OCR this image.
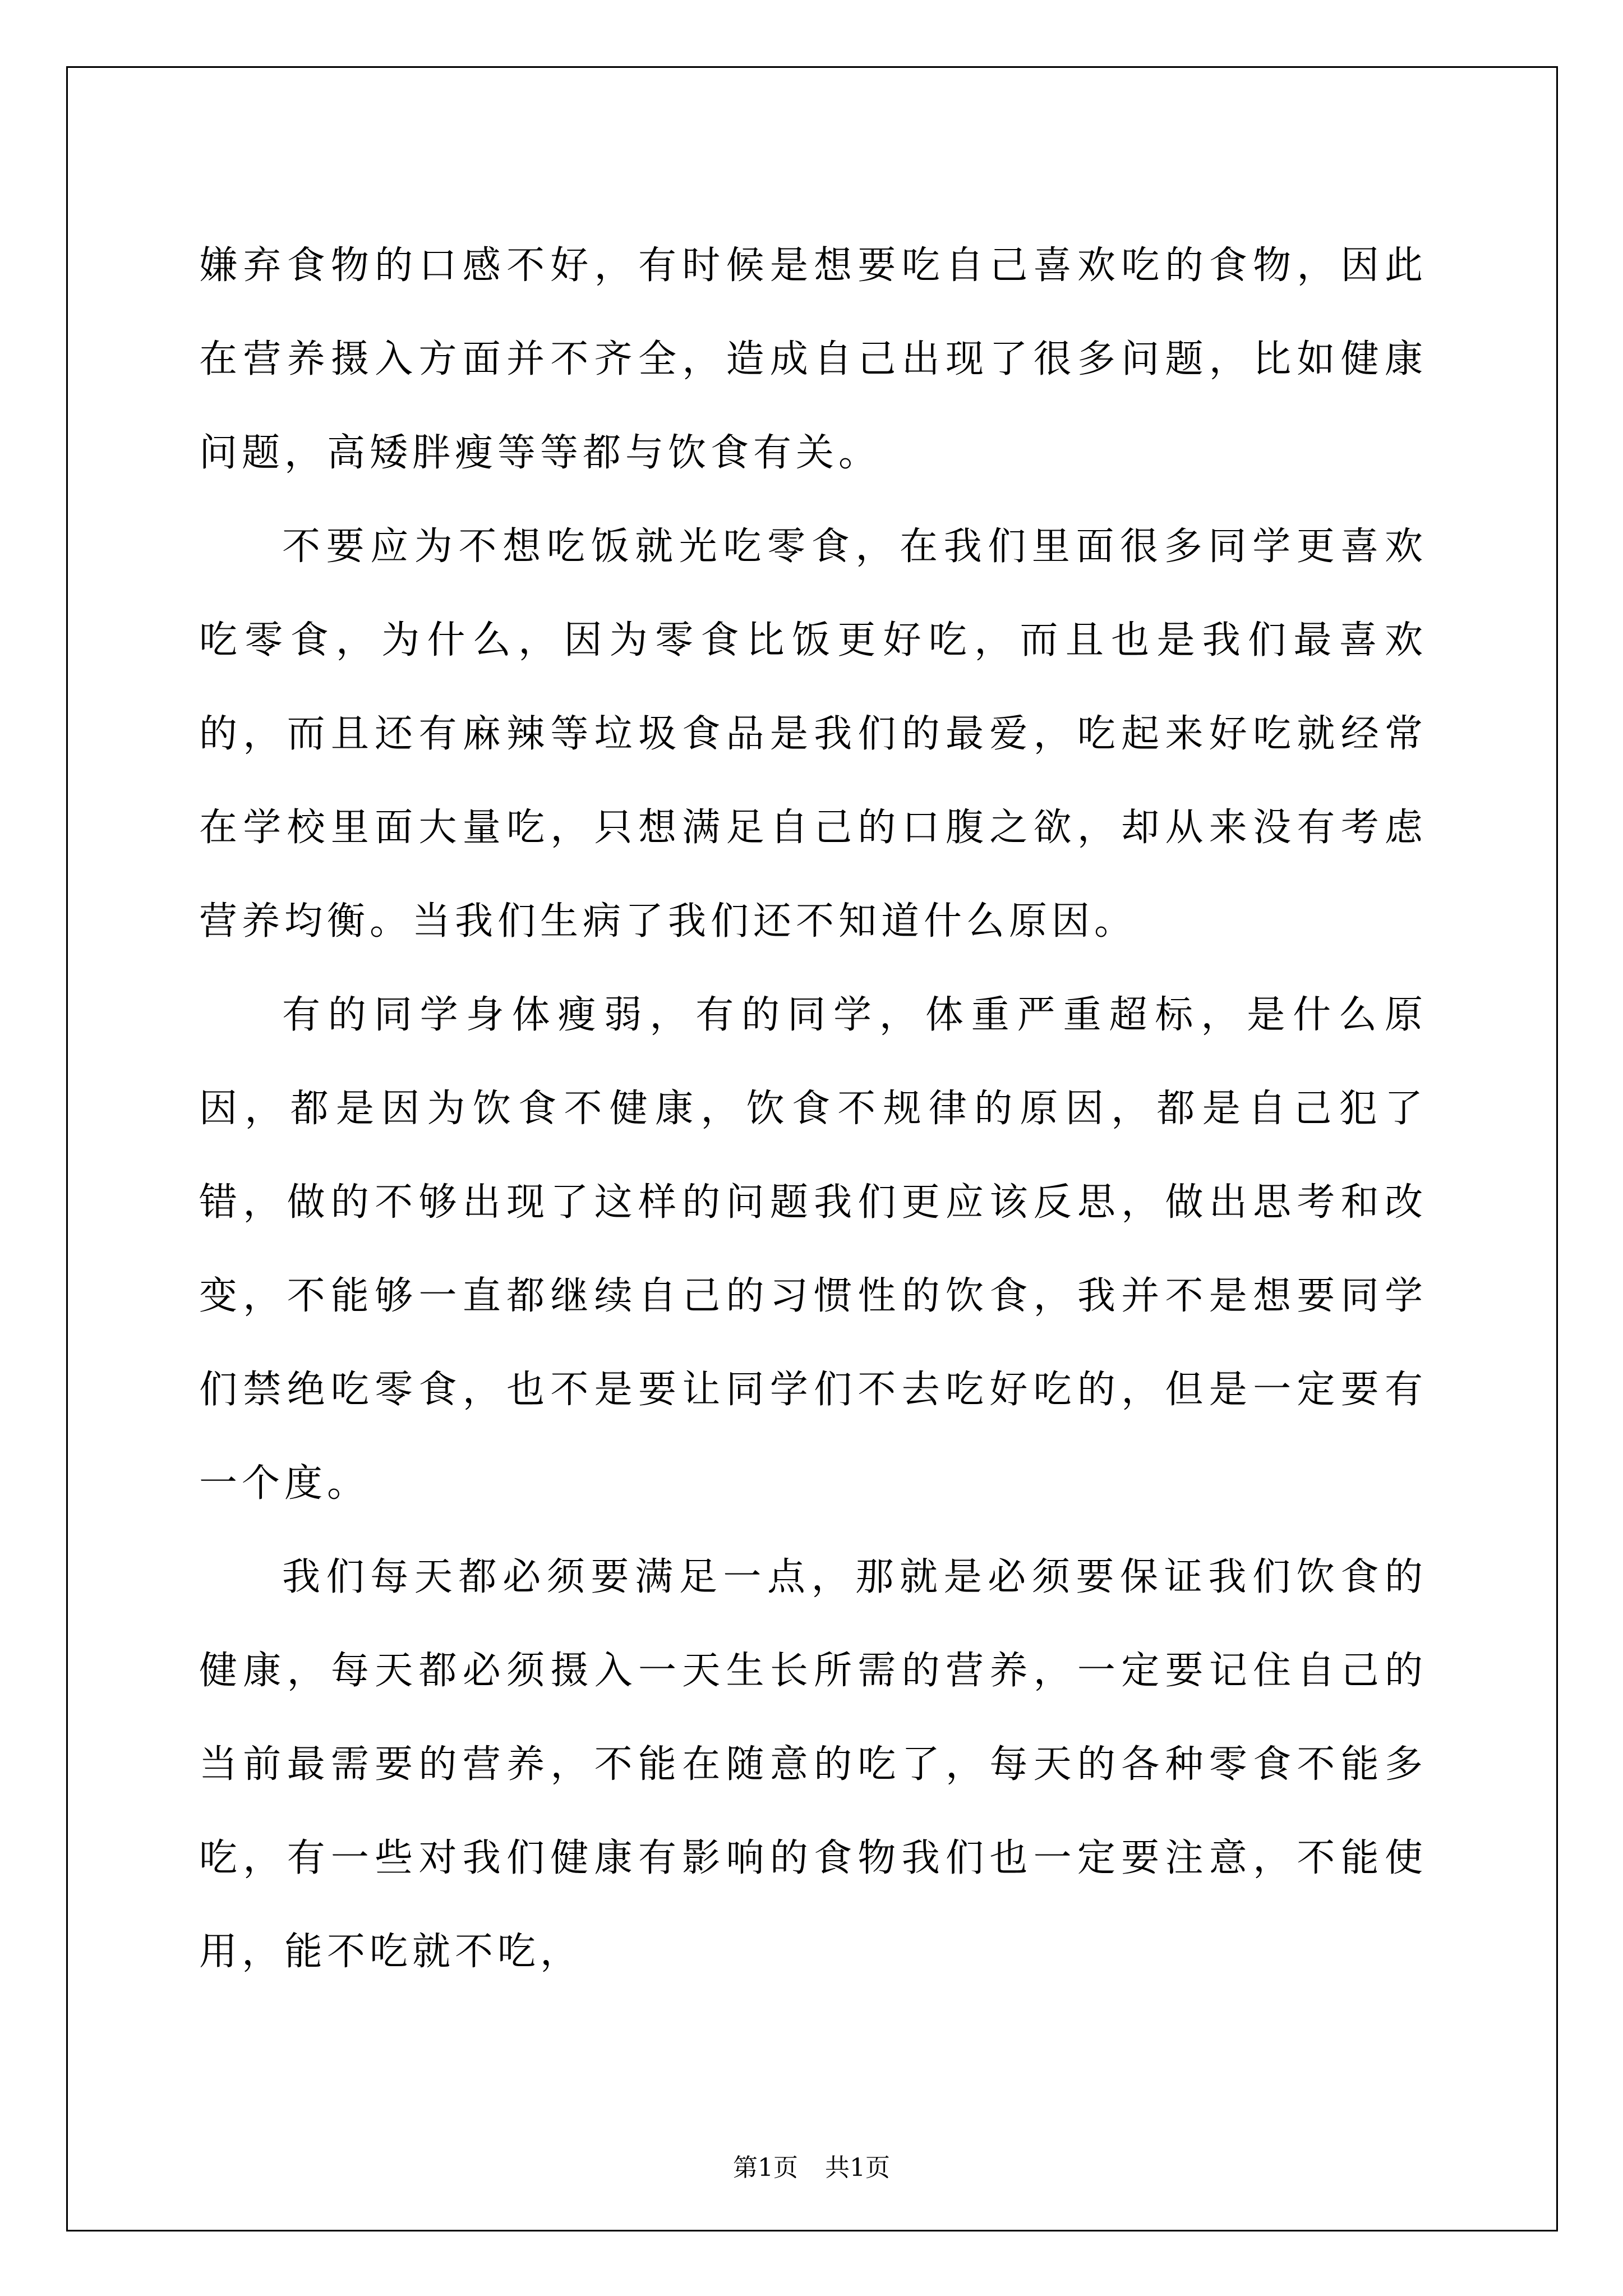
嫌弃食物的口感不好，有时候是想要吃自己喜欢吃的食物，因此在营养摄入方面并不齐全，造成自己出现了很多问题，比如健康问题，高矮胖瘦等等都与饮食有关。

不要应为不想吃饭就光吃零食，在我们里面很多同学更喜欢吃零食，为什么，因为零食比饭更好吃，而且也是我们最喜欢的，而且还有麻辣等垃圾食品是我们的最爱，吃起来好吃就经常在学校里面大量吃，只想满足自己的口腹之欲，却从来没有考虑营养均衡。当我们生病了我们还不知道什么原因。

有的同学身体瘦弱，有的同学，体重严重超标，是什么原因，都是因为饮食不健康，饮食不规律的原因，都是自己犯了错，做的不够出现了这样的问题我们更应该反思，做出思考和改变，不能够一直都继续自己的习惯性的饮食，我并不是想要同学们禁绝吃零食，也不是要让同学们不去吃好吃的，但是一定要有一个度。

我们每天都必须要满足一点，那就是必须要保证我们饮食的健康，每天都必须摄入一天生长所需的营养，一定要记住自己的当前最需要的营养，不能在随意的吃了，每天的各种零食不能多吃，有一些对我们健康有影响的食物我们也一定要注意，不能使用，能不吃就不吃，

第1页 共1页
